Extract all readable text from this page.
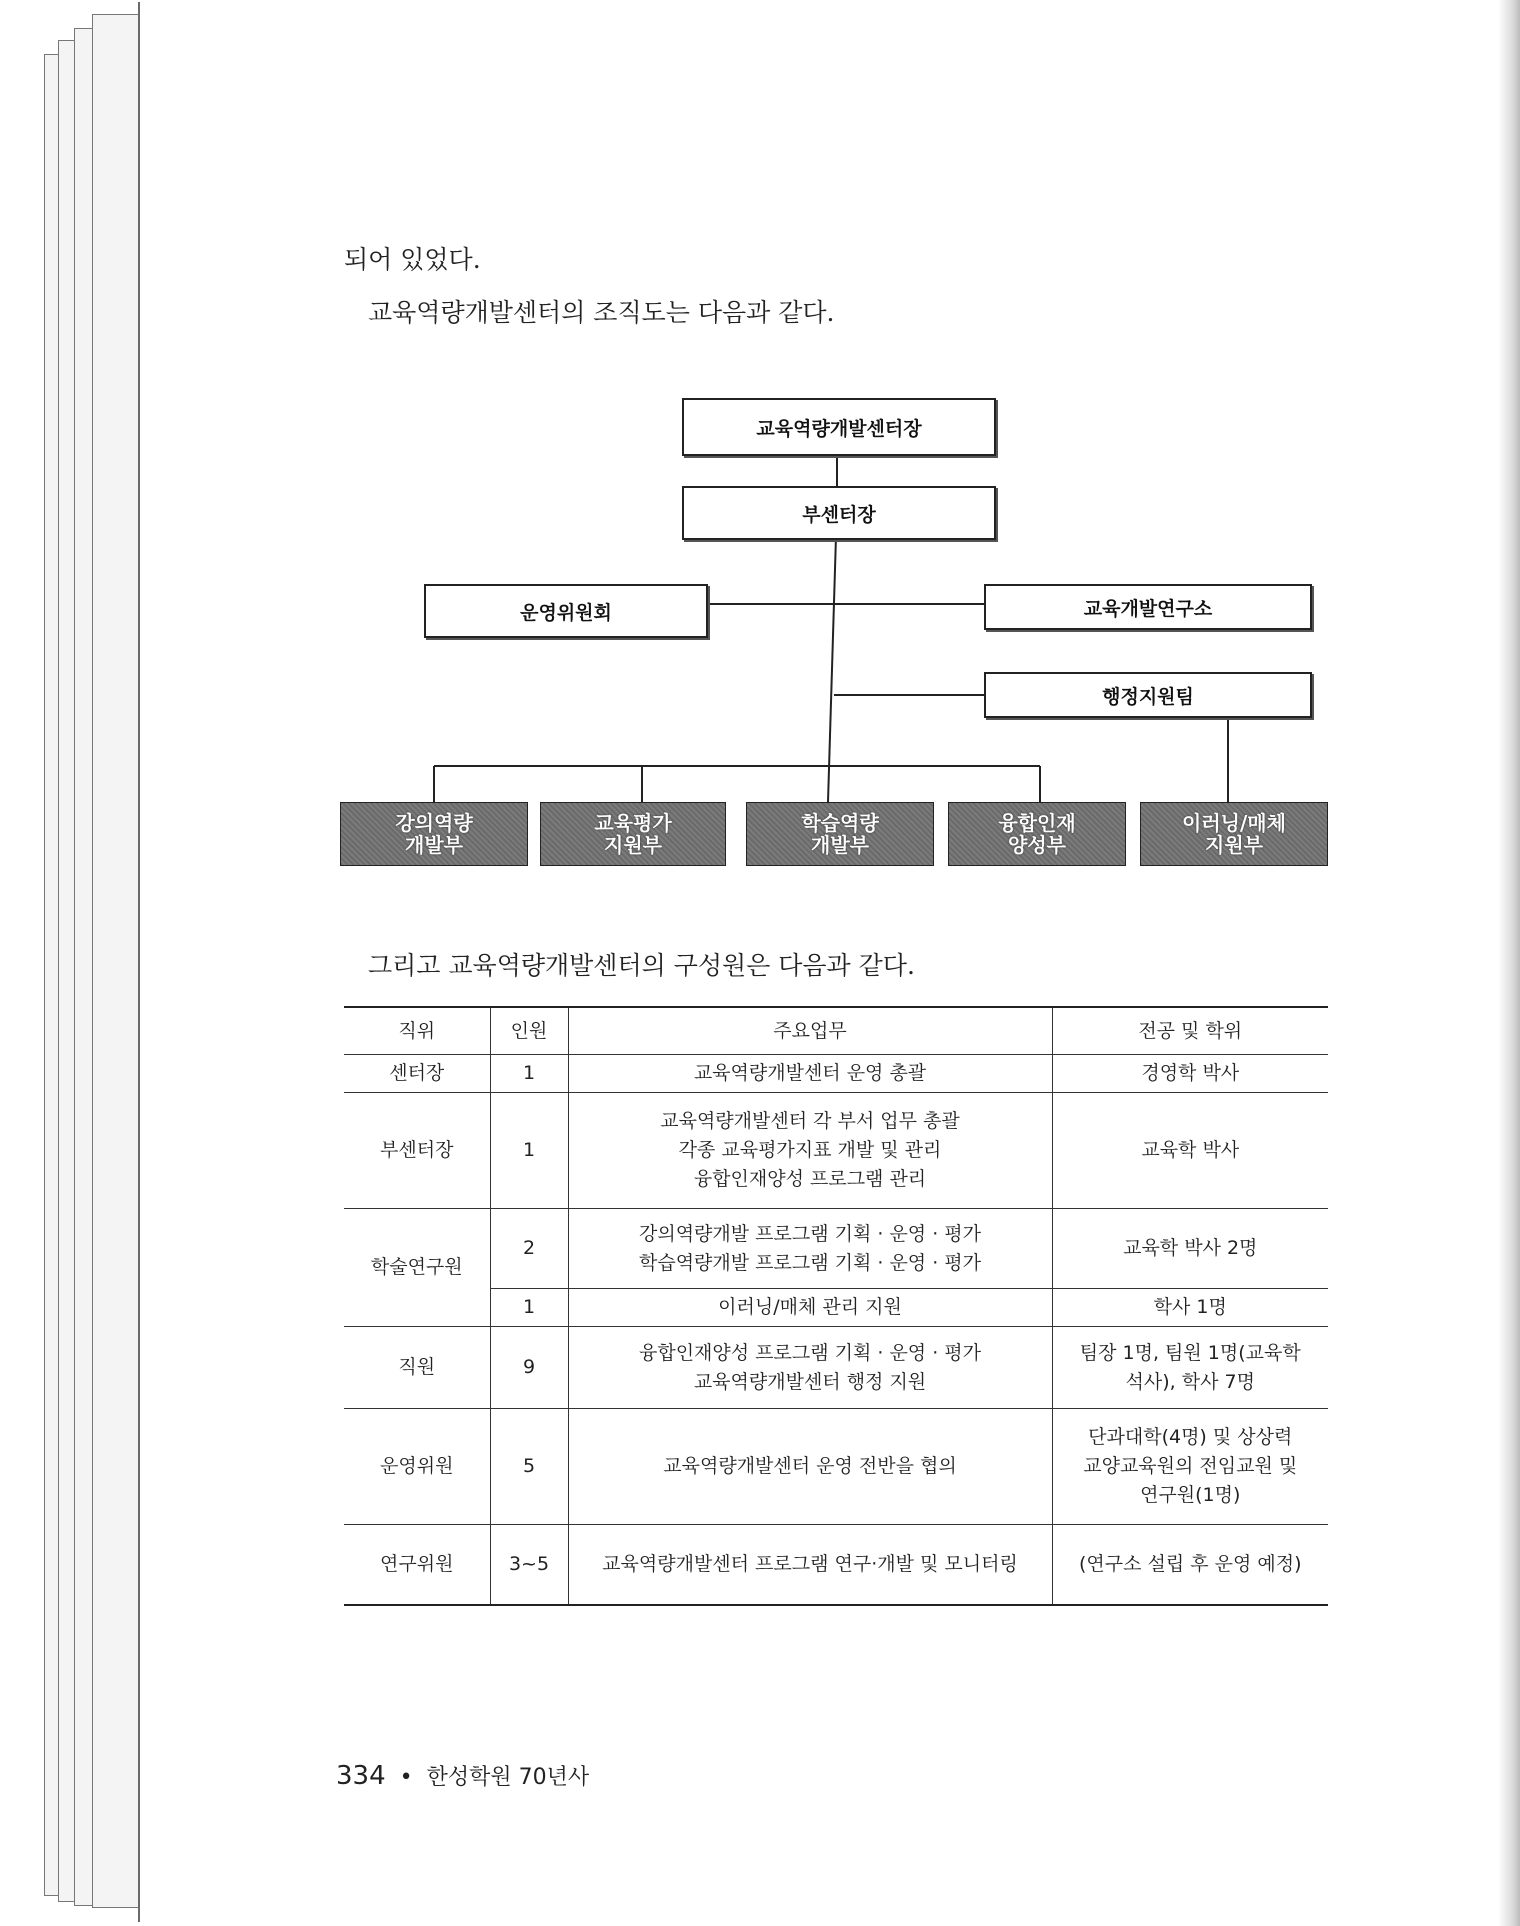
되어 있었다.

교육역량개발센터의 조직도는 다음과 같다.

교육역량개발센터장
부센터장
운영위원회	교육개발연구소
행정지원팀
강의역량
개발부
교육평가
지원부
학습역량
개발부
융합인재
양성부
이러닝/매체
지원부

그리고 교육역량개발센터의 구성원은 다음과 같다.

직위	인원	주요업무	전공 및 학위
센터장	1	교육역량개발센터 운영 총괄	경영학 박사

부센터장	1	교육역량개발센터 각 부서 업무 총괄
각종 교육평가지표 개발 및 관리
융합인재양성 프로그램 관리	교육학 박사

학술연구원	2	강의역량개발 프로그램 기획 · 운영 · 평가
학습역량개발 프로그램 기획 · 운영 · 평가	교육학 박사 2명

	1	이러닝/매체 관리 지원	학사 1명

직원	9	융합인재양성 프로그램 기획 · 운영 · 평가
교육역량개발센터 행정 지원	팀장 1명, 팀원 1명(교육학
석사), 학사 7명

운영위원	5	교육역량개발센터 운영 전반을 협의	단과대학(4명) 및 상상력
교양교육원의 전임교원 및
연구원(1명)

연구위원	3~5	교육역량개발센터 프로그램 연구·개발 및 모니터링	(연구소 설립 후 운영 예정)
334 • 한성학원 70년사
